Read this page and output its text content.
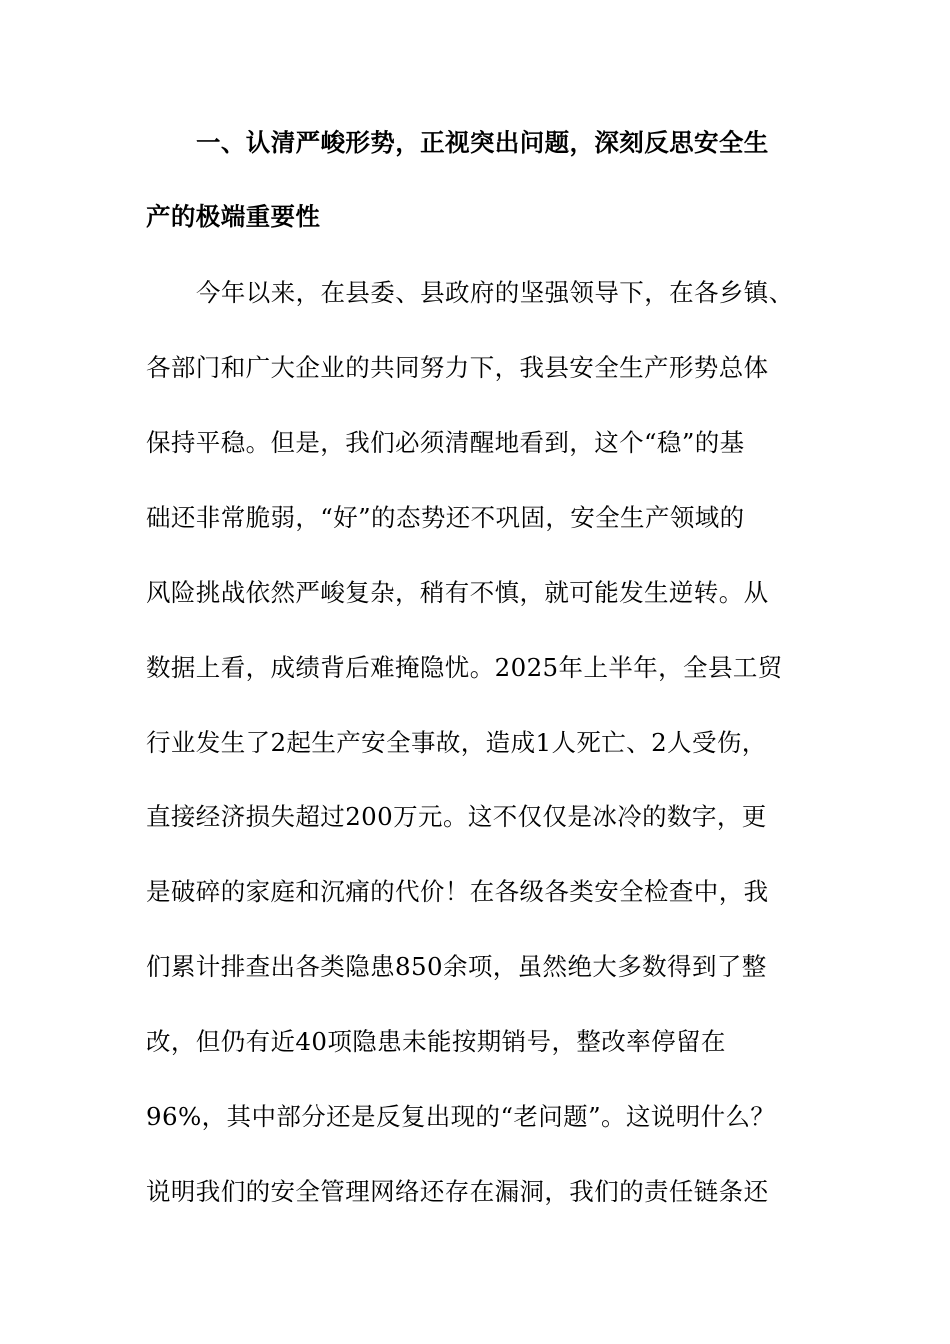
一、认清严峻形势，正视突出问题，深刻反思安全生
产的极端重要性
今年以来，在县委、县政府的坚强领导下，在各乡镇、
各部门和广大企业的共同努力下，我县安全生产形势总体
保持平稳。但是，我们必须清醒地看到，这个“稳”的基
础还非常脆弱，“好”的态势还不巩固，安全生产领域的
风险挑战依然严峻复杂，稍有不慎，就可能发生逆转。从
数据上看，成绩背后难掩隐忧。2025年上半年，全县工贸
行业发生了2起生产安全事故，造成1人死亡、2人受伤，
直接经济损失超过200万元。这不仅仅是冰冷的数字，更
是破碎的家庭和沉痛的代价！在各级各类安全检查中，我
们累计排查出各类隐患850余项，虽然绝大多数得到了整
改，但仍有近40项隐患未能按期销号，整改率停留在
96%，其中部分还是反复出现的“老问题”。这说明什么？
说明我们的安全管理网络还存在漏洞，我们的责任链条还
